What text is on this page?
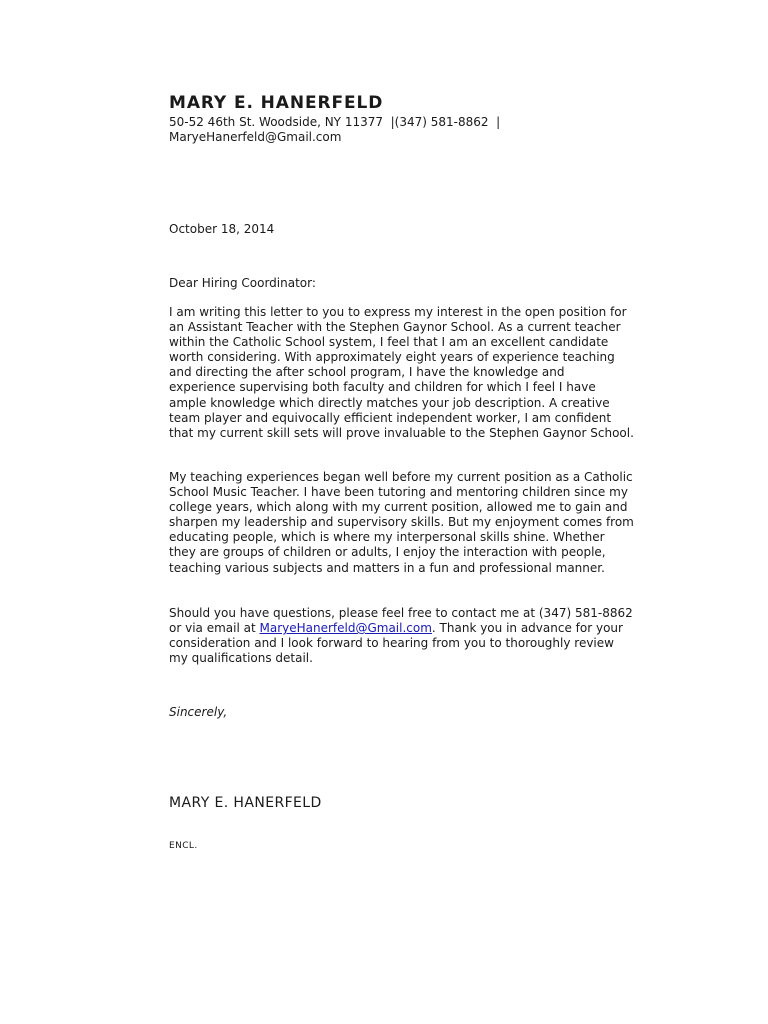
MARY E. HANERFELD
50-52 46th St. Woodside, NY 11377  |(347) 581-8862  |
MaryeHanerfeld@Gmail.com
October 18, 2014
Dear Hiring Coordinator:

I am writing this letter to you to express my interest in the open position for
an Assistant Teacher with the Stephen Gaynor School. As a current teacher
within the Catholic School system, I feel that I am an excellent candidate
worth considering. With approximately eight years of experience teaching
and directing the after school program, I have the knowledge and
experience supervising both faculty and children for which I feel I have
ample knowledge which directly matches your job description. A creative
team player and equivocally efficient independent worker, I am confident
that my current skill sets will prove invaluable to the Stephen Gaynor School.

My teaching experiences began well before my current position as a Catholic
School Music Teacher. I have been tutoring and mentoring children since my
college years, which along with my current position, allowed me to gain and
sharpen my leadership and supervisory skills. But my enjoyment comes from
educating people, which is where my interpersonal skills shine. Whether
they are groups of children or adults, I enjoy the interaction with people,
teaching various subjects and matters in a fun and professional manner.

Should you have questions, please feel free to contact me at (347) 581-8862
or via email at MaryeHanerfeld@Gmail.com. Thank you in advance for your
consideration and I look forward to hearing from you to thoroughly review
my qualifications detail.

Sincerely,
MARY E. HANERFELD
ENCL.
